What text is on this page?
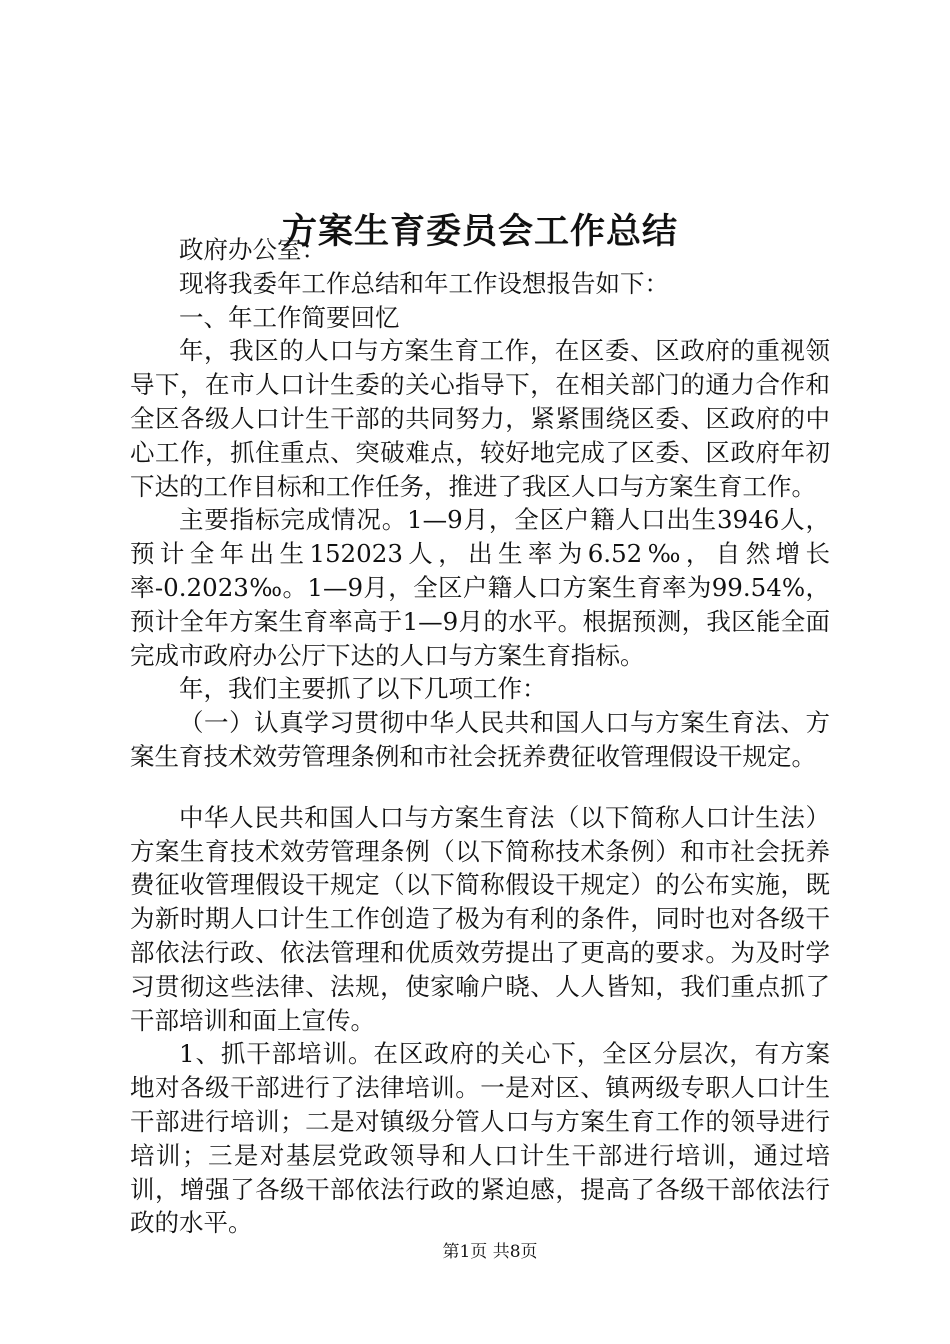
方案生育委员会工作总结

政府办公室：

现将我委年工作总结和年工作设想报告如下：

一、年工作简要回忆

年，我区的人口与方案生育工作，在区委、区政府的重视领导下，在市人口计生委的关心指导下，在相关部门的通力合作和全区各级人口计生干部的共同努力，紧紧围绕区委、区政府的中心工作，抓住重点、突破难点，较好地完成了区委、区政府年初下达的工作目标和工作任务，推进了我区人口与方案生育工作。

主要指标完成情况。1—9月，全区户籍人口出生3946人，预计全年出生152023人，出生率为6.52‰，自然增长率-0.2023‰。1—9月，全区户籍人口方案生育率为99.54%，预计全年方案生育率高于1—9月的水平。根据预测，我区能全面完成市政府办公厅下达的人口与方案生育指标。

年，我们主要抓了以下几项工作：

（一）认真学习贯彻中华人民共和国人口与方案生育法、方案生育技术效劳管理条例和市社会抚养费征收管理假设干规定。

中华人民共和国人口与方案生育法（以下简称人口计生法）方案生育技术效劳管理条例（以下简称技术条例）和市社会抚养费征收管理假设干规定（以下简称假设干规定）的公布实施，既为新时期人口计生工作创造了极为有利的条件，同时也对各级干部依法行政、依法管理和优质效劳提出了更高的要求。为及时学习贯彻这些法律、法规，使家喻户晓、人人皆知，我们重点抓了干部培训和面上宣传。

1、抓干部培训。在区政府的关心下，全区分层次，有方案地对各级干部进行了法律培训。一是对区、镇两级专职人口计生干部进行培训；二是对镇级分管人口与方案生育工作的领导进行培训；三是对基层党政领导和人口计生干部进行培训，通过培训，增强了各级干部依法行政的紧迫感，提高了各级干部依法行政的水平。

第1页 共8页
